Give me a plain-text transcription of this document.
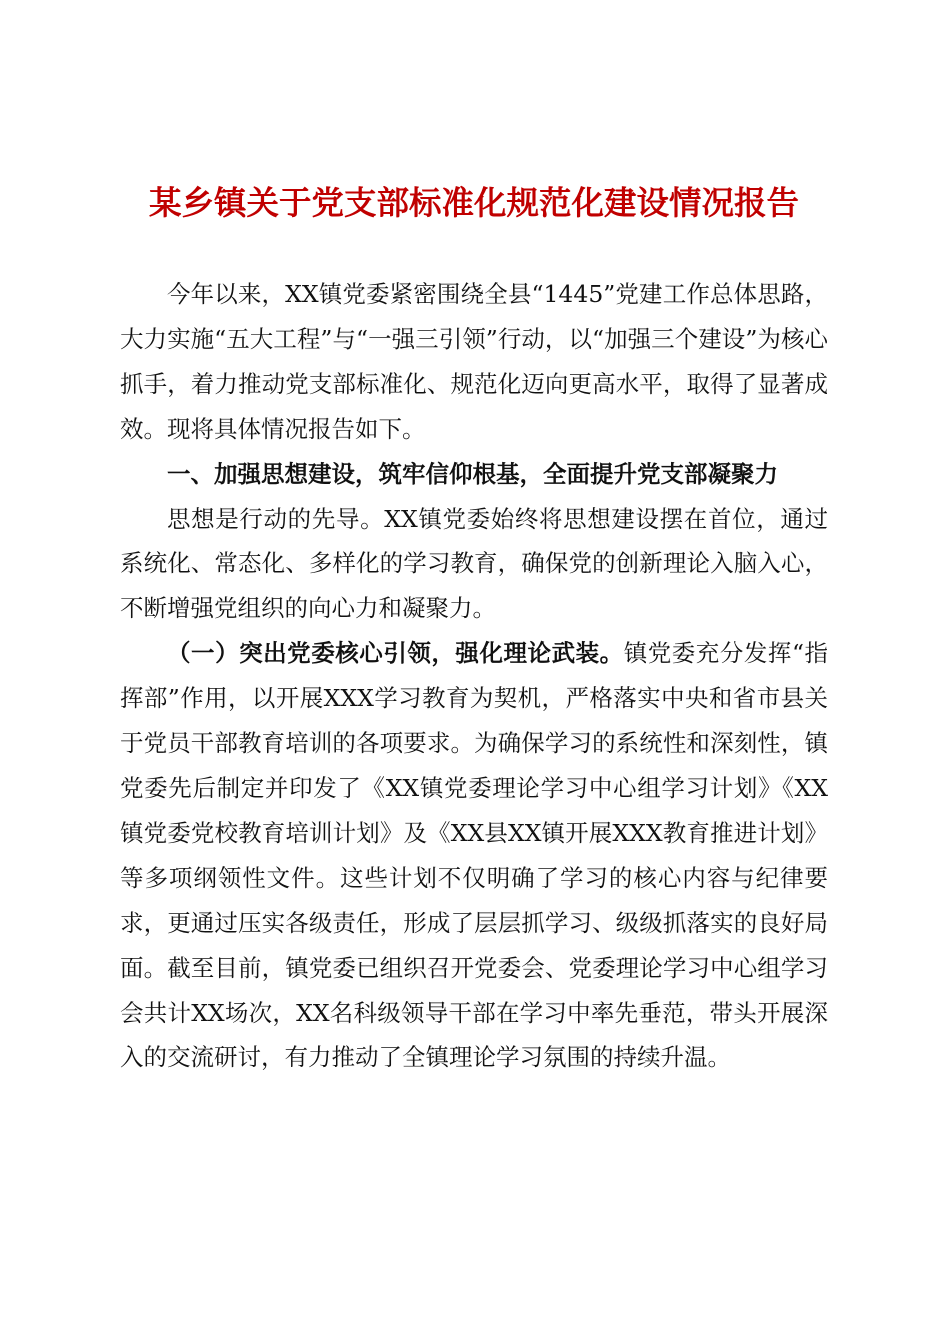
某乡镇关于党支部标准化规范化建设情况报告

今年以来，XX镇党委紧密围绕全县“1445”党建工作总体思路，大力实施“五大工程”与“一强三引领”行动，以“加强三个建设”为核心抓手，着力推动党支部标准化、规范化迈向更高水平，取得了显著成效。现将具体情况报告如下。

一、加强思想建设，筑牢信仰根基，全面提升党支部凝聚力

思想是行动的先导。XX镇党委始终将思想建设摆在首位，通过系统化、常态化、多样化的学习教育，确保党的创新理论入脑入心，不断增强党组织的向心力和凝聚力。

（一）突出党委核心引领，强化理论武装。镇党委充分发挥“指挥部”作用，以开展XXX学习教育为契机，严格落实中央和省市县关于党员干部教育培训的各项要求。为确保学习的系统性和深刻性，镇党委先后制定并印发了《XX镇党委理论学习中心组学习计划》《XX镇党委党校教育培训计划》及《XX县XX镇开展XXX教育推进计划》等多项纲领性文件。这些计划不仅明确了学习的核心内容与纪律要求，更通过压实各级责任，形成了层层抓学习、级级抓落实的良好局面。截至目前，镇党委已组织召开党委会、党委理论学习中心组学习会共计XX场次，XX名科级领导干部在学习中率先垂范，带头开展深入的交流研讨，有力推动了全镇理论学习氛围的持续升温。
